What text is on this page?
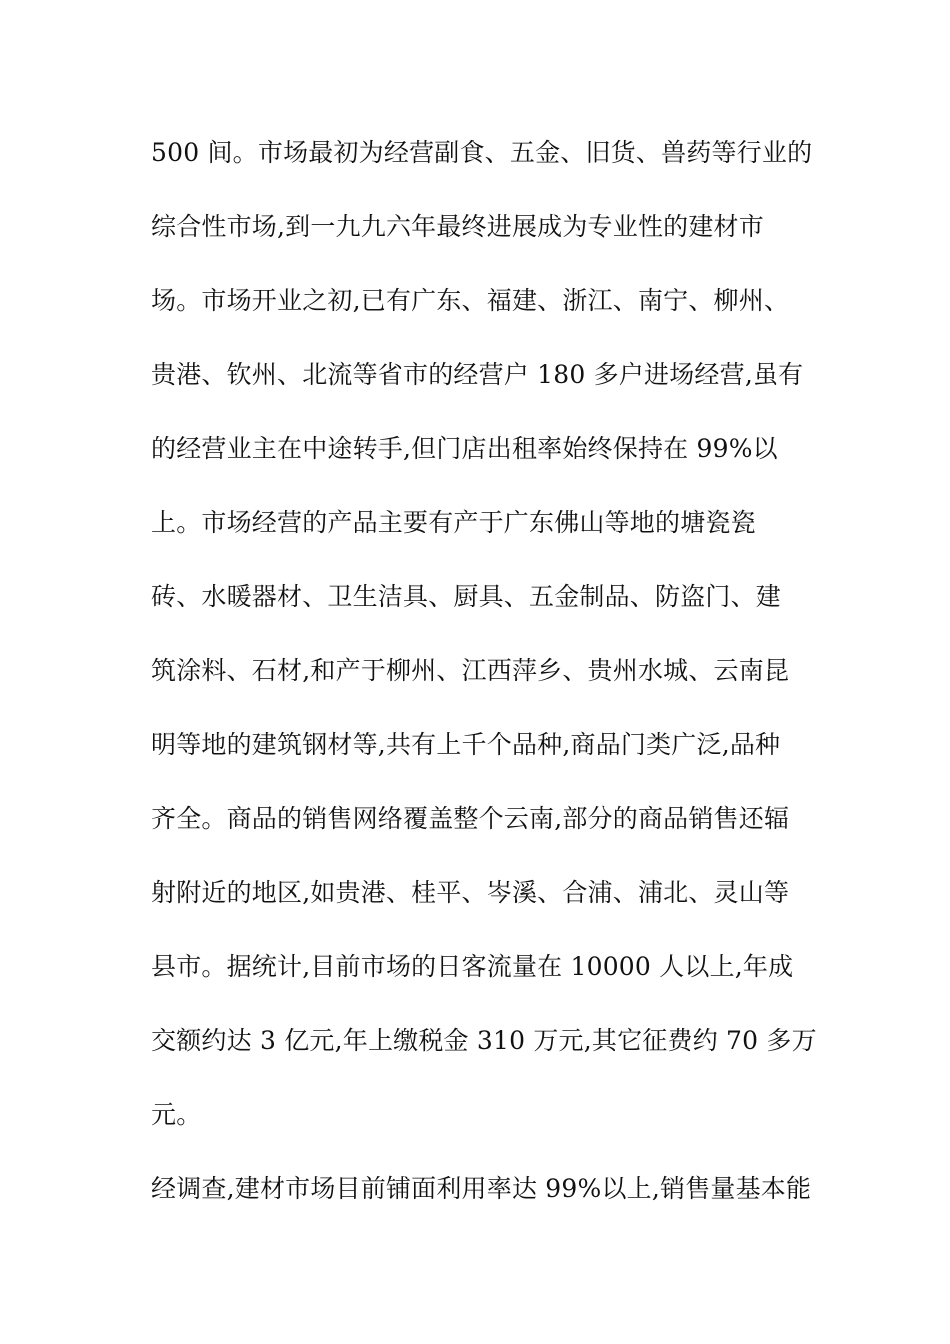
500 间。市场最初为经营副食、五金、旧货、兽药等行业的
综合性市场,到一九九六年最终进展成为专业性的建材市
场。市场开业之初,已有广东、福建、浙江、南宁、柳州、
贵港、钦州、北流等省市的经营户 180 多户进场经营,虽有
的经营业主在中途转手,但门店出租率始终保持在 99%以
上。市场经营的产品主要有产于广东佛山等地的塘瓷瓷
砖、水暖器材、卫生洁具、厨具、五金制品、防盗门、建
筑涂料、石材,和产于柳州、江西萍乡、贵州水城、云南昆
明等地的建筑钢材等,共有上千个品种,商品门类广泛,品种
齐全。商品的销售网络覆盖整个云南,部分的商品销售还辐
射附近的地区,如贵港、桂平、岑溪、合浦、浦北、灵山等
县市。据统计,目前市场的日客流量在 10000 人以上,年成
交额约达 3 亿元,年上缴税金 310 万元,其它征费约 70 多万
元。
经调查,建材市场目前铺面利用率达 99%以上,销售量基本能
